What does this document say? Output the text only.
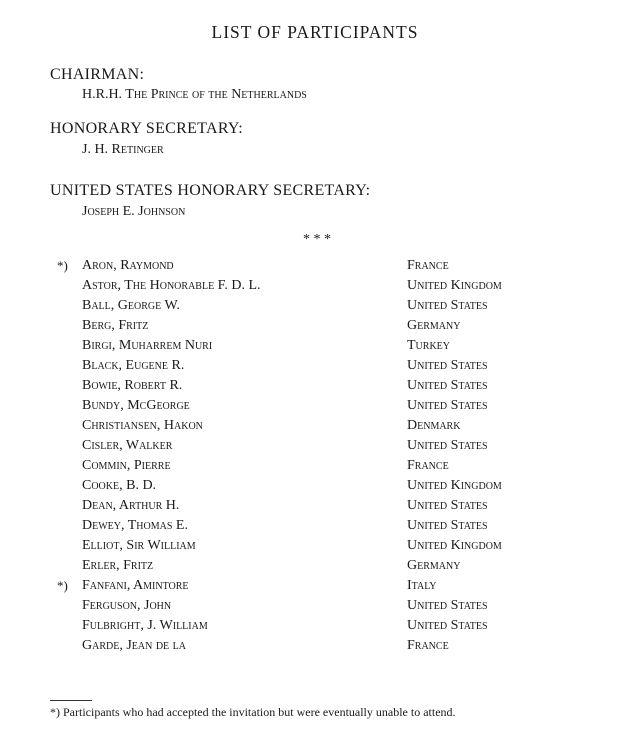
LIST OF PARTICIPANTS
CHAIRMAN:
H.R.H. The Prince of the Netherlands
HONORARY SECRETARY:
J. H. Retinger
UNITED STATES HONORARY SECRETARY:
Joseph E. Johnson
* * *
*) Aron, Raymond	France
Astor, The Honorable F. D. L.	United Kingdom
Ball, George W.	United States
Berg, Fritz	Germany
Birgi, Muharrem Nuri	Turkey
Black, Eugene R.	United States
Bowie, Robert R.	United States
Bundy, McGeorge	United States
Christiansen, Hakon	Denmark
Cisler, Walker	United States
Commin, Pierre	France
Cooke, B. D.	United Kingdom
Dean, Arthur H.	United States
Dewey, Thomas E.	United States
Elliot, Sir William	United Kingdom
Erler, Fritz	Germany
*) Fanfani, Amintore	Italy
Ferguson, John	United States
Fulbright, J. William	United States
Garde, Jean de la	France
*) Participants who had accepted the invitation but were eventually unable to attend.
